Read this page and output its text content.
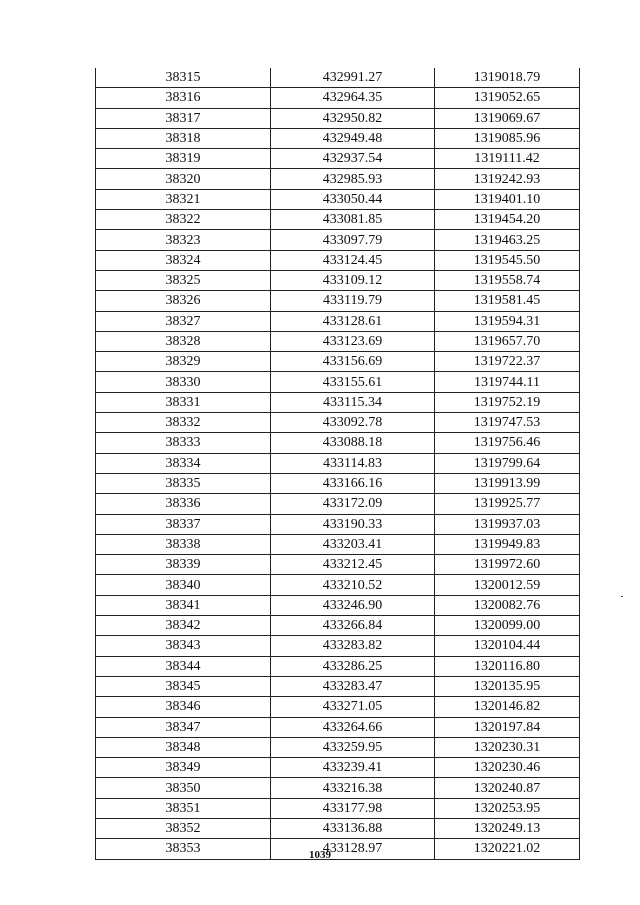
38315	432991.27	1319018.79
38316	432964.35	1319052.65
38317	432950.82	1319069.67
38318	432949.48	1319085.96
38319	432937.54	1319111.42
38320	432985.93	1319242.93
38321	433050.44	1319401.10
38322	433081.85	1319454.20
38323	433097.79	1319463.25
38324	433124.45	1319545.50
38325	433109.12	1319558.74
38326	433119.79	1319581.45
38327	433128.61	1319594.31
38328	433123.69	1319657.70
38329	433156.69	1319722.37
38330	433155.61	1319744.11
38331	433115.34	1319752.19
38332	433092.78	1319747.53
38333	433088.18	1319756.46
38334	433114.83	1319799.64
38335	433166.16	1319913.99
38336	433172.09	1319925.77
38337	433190.33	1319937.03
38338	433203.41	1319949.83
38339	433212.45	1319972.60
38340	433210.52	1320012.59
38341	433246.90	1320082.76
38342	433266.84	1320099.00
38343	433283.82	1320104.44
38344	433286.25	1320116.80
38345	433283.47	1320135.95
38346	433271.05	1320146.82
38347	433264.66	1320197.84
38348	433259.95	1320230.31
38349	433239.41	1320230.46
38350	433216.38	1320240.87
38351	433177.98	1320253.95
38352	433136.88	1320249.13
38353	433128.97	1320221.02
1039
